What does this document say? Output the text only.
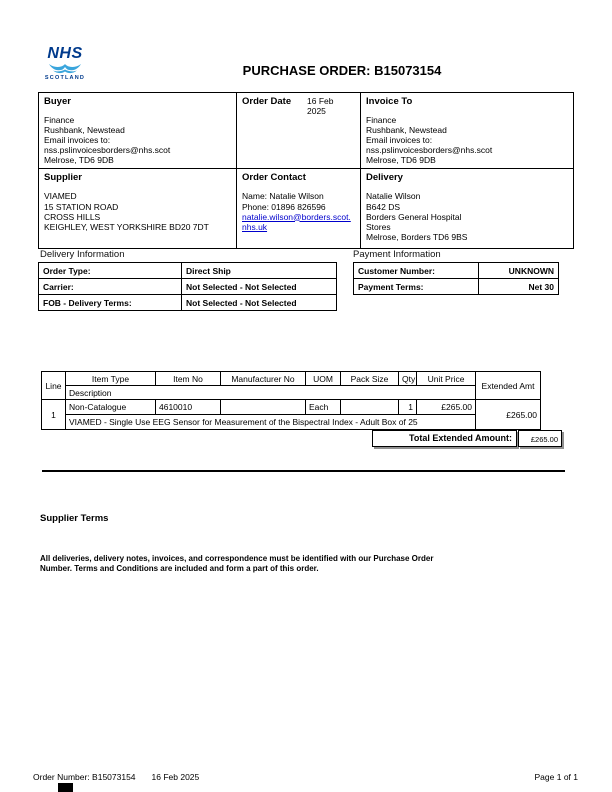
NHS
SCOTLAND	PURCHASE ORDER: B15073154
Buyer
Finance
Rushbank, Newstead
Email invoices to:
nss.pslinvoicesborders@nhs.scot
Melrose, TD6 9DB

Order Date	16 Feb 2025

Invoice To
Finance
Rushbank, Newstead
Email invoices to:
nss.pslinvoicesborders@nhs.scot
Melrose, TD6 9DB

Supplier
VIAMED
15 STATION ROAD
CROSS HILLS
KEIGHLEY, WEST YORKSHIRE BD20 7DT

Order Contact
Name: Natalie Wilson
Phone: 01896 826596
natalie.wilson@borders.scot.nhs.uk	
Delivery
Natalie Wilson
B642 DS
Borders General Hospital
Stores
Melrose, Borders TD6 9BS
Delivery Information
Order Type:	Direct Ship
Carrier:	Not Selected - Not Selected
FOB - Delivery Terms:	Not Selected - Not Selected
Payment Information
Customer Number:	UNKNOWN
Payment Terms:	Net 30
Line	Item Type	Item No	Manufacturer No	UOM	Pack Size	Qty	Unit Price	Extended Amt
	Description							
1	Non-Catalogue	4610010		Each		1	£265.00	£265.00
	VIAMED - Single Use EEG Sensor for Measurement of the Bispectral Index - Adult Box of 25							
Total Extended Amount:	£265.00
Supplier Terms
All deliveries, delivery notes, invoices, and correspondence must be identified with our Purchase Order Number. Terms and Conditions are included and form a part of this order.
Order Number: B15073154 16 Feb 2025	Page 1 of 1
